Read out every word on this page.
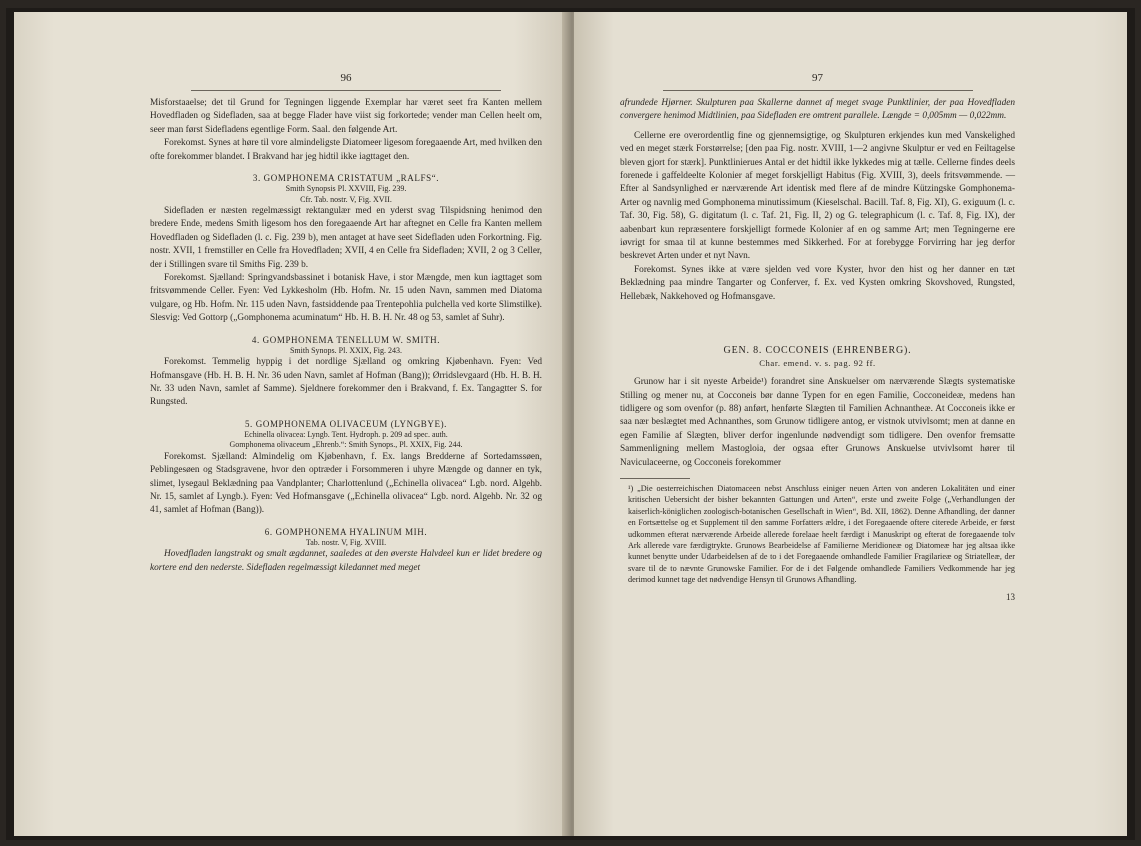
96

Misforstaaelse; det til Grund for Tegningen liggende Exemplar har været seet fra Kanten mellem Hovedfladen og Sidefladen, saa at begge Flader have viist sig forkortede; vender man Cellen heelt om, seer man først Sidefladens egentlige Form. Saal. den følgende Art.

Forekomst. Synes at høre til vore almindeligste Diatomeer ligesom foregaaende Art, med hvilken den ofte forekommer blandet. I Brakvand har jeg hidtil ikke iagttaget den.

3. GOMPHONEMA CRISTATUM „RALFS“.
Smith Synopsis Pl. XXVIII, Fig. 239.
Cfr. Tab. nostr. V, Fig. XVII.

Sidefladen er næsten regelmæssigt rektangulær med en yderst svag Tilspidsning henimod den bredere Ende, medens Smith ligesom hos den foregaaende Art har aftegnet en Celle fra Kanten mellem Hovedfladen og Sidefladen (l. c. Fig. 239 b), men antaget at have seet Sidefladen uden Forkortning. Fig. nostr. XVII, 1 fremstiller en Celle fra Hovedfladen; XVII, 4 en Celle fra Sidefladen; XVII, 2 og 3 Celler, der i Stillingen svare til Smiths Fig. 239 b.

Forekomst. Sjælland: Springvandsbassinet i botanisk Have, i stor Mængde, men kun iagttaget som fritsvømmende Celler. Fyen: Ved Lykkesholm (Hb. Hofm. Nr. 15 uden Navn, sammen med Diatoma vulgare, og Hb. Hofm. Nr. 115 uden Navn, fastsiddende paa Trentepohlia pulchella ved korte Slimstilke). Slesvig: Ved Gottorp („Gomphonema acuminatum“ Hb. H. B. H. Nr. 48 og 53, samlet af Suhr).

4. GOMPHONEMA TENELLUM W. SMITH.
Smith Synops. Pl. XXIX, Fig. 243.

Forekomst. Temmelig hyppig i det nordlige Sjælland og omkring Kjøbenhavn. Fyen: Ved Hofmansgave (Hb. H. B. H. Nr. 36 uden Navn, samlet af Hofman (Bang)); Ørridslevgaard (Hb. H. B. H. Nr. 33 uden Navn, samlet af Samme). Sjeldnere forekommer den i Brakvand, f. Ex. Tangagtter S. for Rungsted.

5. GOMPHONEMA OLIVACEUM (LYNGBYE).
Echinella olivacea: Lyngb. Tent. Hydroph. p. 209 ad spec. auth.
Gomphonema olivaceum „Ehrenb.“: Smith Synops., Pl. XXIX, Fig. 244.

Forekomst. Sjælland: Almindelig om Kjøbenhavn, f. Ex. langs Bredderne af Sortedamssøen, Peblingesøen og Stadsgravene, hvor den optræder i Forsommeren i uhyre Mængde og danner en tyk, slimet, lysegaul Beklædning paa Vandplanter; Charlottenlund („Echinella olivacea“ Lgb. nord. Algehb. Nr. 15, samlet af Lyngb.). Fyen: Ved Hofmansgave („Echinella olivacea“ Lgb. nord. Algehb. Nr. 32 og 41, samlet af Hofman (Bang)).

6. GOMPHONEMA HYALINUM MIH.
Tab. nostr. V, Fig. XVIII.

Hovedfladen langstrakt og smalt ægdannet, saaledes at den øverste Halvdeel kun er lidet bredere og kortere end den nederste. Sidefladen regelmæssigt kiledannet med meget

97

afrundede Hjørner. Skulpturen paa Skallerne dannet af meget svage Punktlinier, der paa Hovedfladen convergere henimod Midtlinien, paa Sidefladen ere omtrent parallele. Længde = 0,005mm — 0,022mm.

Cellerne ere overordentlig fine og gjennemsigtige, og Skulpturen erkjendes kun med Vanskelighed ved en meget stærk Forstørrelse; [den paa Fig. nostr. XVIII, 1—2 angivne Skulptur er ved en Feiltagelse bleven gjort for stærk]. Punktlinierues Antal er det hidtil ikke lykkedes mig at tælle. Cellerne findes deels forenede i gaffeldeelte Kolonier af meget forskjelligt Habitus (Fig. XVIII, 3), deels fritsvømmende. — Efter al Sandsynlighed er nærværende Art identisk med flere af de mindre Kützingske Gomphonema-Arter og navnlig med Gomphonema minutissimum (Kieselschal. Bacill. Taf. 8, Fig. XI), G. exiguum (l. c. Taf. 30, Fig. 58), G. digitatum (l. c. Taf. 21, Fig. II, 2) og G. telegraphicum (l. c. Taf. 8, Fig. IX), der aabenbart kun repræsentere forskjelligt formede Kolonier af en og samme Art; men Tegningerne ere iøvrigt for smaa til at kunne bestemmes med Sikkerhed. For at forebygge Forvirring har jeg derfor beskrevet Arten under et nyt Navn.

Forekomst. Synes ikke at være sjelden ved vore Kyster, hvor den hist og her danner en tæt Beklædning paa mindre Tangarter og Conferver, f. Ex. ved Kysten omkring Skovshoved, Rungsted, Hellebæk, Nakkehoved og Hofmansgave.

GEN. 8. COCCONEIS (EHRENBERG).
Char. emend. v. s. pag. 92 ff.

Grunow har i sit nyeste Arbeide¹) forandret sine Anskuelser om nærværende Slægts systematiske Stilling og mener nu, at Cocconeis bør danne Typen for en egen Familie, Cocconeideæ, medens han tidligere og som ovenfor (p. 88) anført, henførte Slægten til Familien Achnantheæ. At Cocconeis ikke er saa nær beslægtet med Achnanthes, som Grunow tidligere antog, er vistnok utvivlsomt; men at danne en egen Familie af Slægten, bliver derfor ingenlunde nødvendigt som tidligere. Den ovenfor fremsatte Sammenligning mellem Mastogloia, der ogsaa efter Grunows Anskuelse utvivlsomt hører til Naviculaceerne, og Cocconeis forekommer

¹) „Die oesterreichischen Diatomaceen nebst Anschluss einiger neuen Arten von anderen Lokalitäten und einer kritischen Uebersicht der bisher bekannten Gattungen und Arten“, erste und zweite Folge („Verhandlungen der kaiserlich-königlichen zoologisch-botanischen Gesellschaft in Wien“, Bd. XII, 1862). Denne Afhandling, der danner en Fortsættelse og et Supplement til den samme Forfatters ældre, i det Foregaaende oftere citerede Arbeide, er først udkommen efterat nærværende Arbeide allerede forelaae heelt færdigt i Manuskript og efterat de foregaaende tolv Ark allerede vare færdigtrykte. Grunows Bearbeidelse af Familierne Meridioneæ og Diatomeæ har jeg altsaa ikke kunnet benytte under Udarbeidelsen af de to i det Foregaaende omhandlede Familier Fragilarieæ og Striatelleæ, der svare til de to nævnte Grunowske Familier. For de i det Følgende omhandlede Familiers Vedkommende har jeg derimod kunnet tage det nødvendige Hensyn til Grunows Afhandling.

13
